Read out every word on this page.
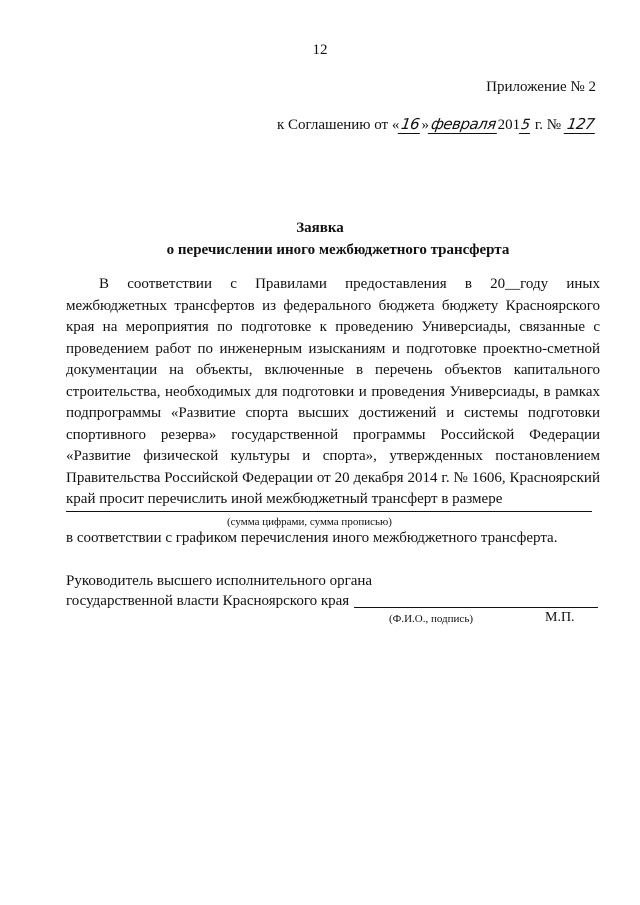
12
Приложение № 2
к Соглашению от «16»февраля2015 г. № 127
Заявка
о перечислении иного межбюджетного трансферта

В соответствии с Правилами предоставления в 20__году иных межбюджетных трансфертов из федерального бюджета бюджету Красноярского края на мероприятия по подготовке к проведению Универсиады, связанные с проведением работ по инженерным изысканиям и подготовке проектно-сметной документации на объекты, включенные в перечень объектов капитального строительства, необходимых для подготовки и проведения Универсиады, в рамках подпрограммы «Развитие спорта высших достижений и системы подготовки спортивного резерва» государственной программы Российской Федерации «Развитие физической культуры и спорта», утвержденных постановлением Правительства Российской Федерации от 20 декабря 2014 г. № 1606, Красноярский край просит перечислить иной межбюджетный трансферт в размере

(сумма цифрами, сумма прописью)
в соответствии с графиком перечисления иного межбюджетного трансферта.
Руководитель высшего исполнительного органа
государственной власти Красноярского края
(Ф.И.О., подпись)	М.П.
